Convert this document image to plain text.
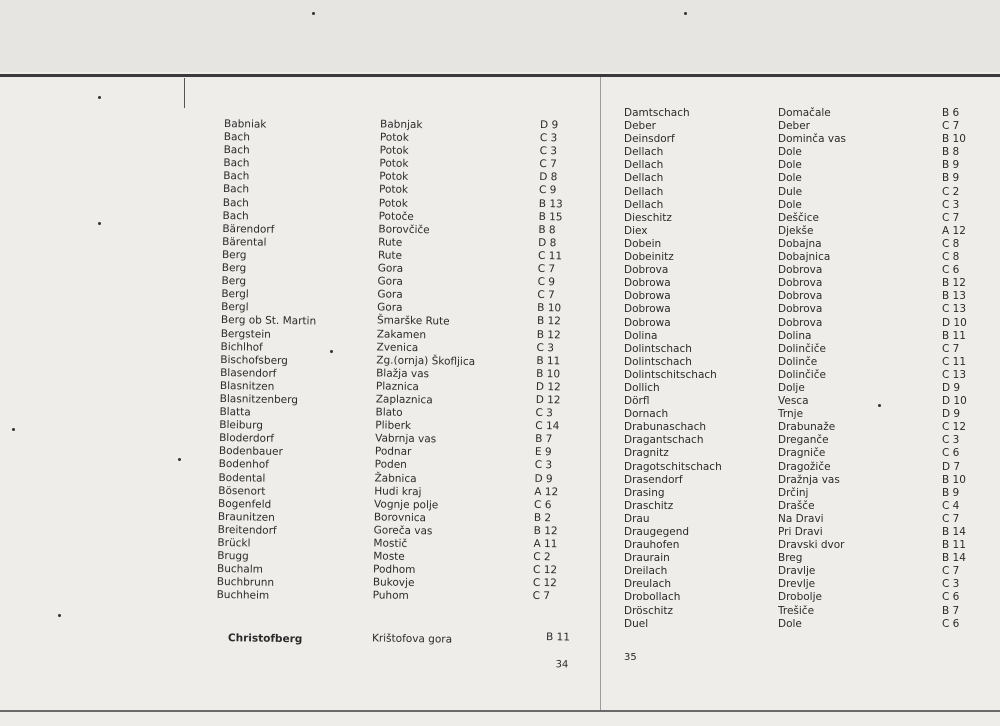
Babniak
Bach
Bach
Bach
Bach
Bach
Bach
Bach
Bärendorf
Bärental
Berg
Berg
Berg
Bergl
Bergl
Berg ob St. Martin
Bergstein
Bichlhof
Bischofsberg
Blasendorf
Blasnitzen
Blasnitzenberg
Blatta
Bleiburg
Bloderdorf
Bodenbauer
Bodenhof
Bodental
Bösenort
Bogenfeld
Braunitzen
Breitendorf
Brückl
Brugg
Buchalm
Buchbrunn
Buchheim
Babnjak
Potok
Potok
Potok
Potok
Potok
Potok
Potoče
Borovčiče
Rute
Rute
Gora
Gora
Gora
Gora
Šmarške Rute
Zakamen
Zvenica
Zg.(ornja) Škofljica
Blažja vas
Plaznica
Zaplaznica
Blato
Pliberk
Vabrnja vas
Podnar
Poden
Žabnica
Hudi kraj
Vognje polje
Borovnica
Goreča vas
Mostič
Moste
Podhom
Bukovje
Puhom
D 9
C 3
C 3
C 7
D 8
C 9
B 13
B 15
B 8
D 8
C 11
C 7
C 9
C 7
B 10
B 12
B 12
C 3
B 11
B 10
D 12
D 12
C 3
C 14
B 7
E 9
C 3
D 9
A 12
C 6
B 2
B 12
A 11
C 2
C 12
C 12
C 7
Christofberg	Krištofova gora	B 11
34
Damtschach
Deber
Deinsdorf
Dellach
Dellach
Dellach
Dellach
Dellach
Dieschitz
Diex
Dobein
Dobeinitz
Dobrova
Dobrowa
Dobrowa
Dobrowa
Dobrowa
Dolina
Dolintschach
Dolintschach
Dolintschitschach
Dollich
Dörfl
Dornach
Drabunaschach
Dragantschach
Dragnitz
Dragotschitschach
Drasendorf
Drasing
Draschitz
Drau
Draugegend
Drauhofen
Draurain
Dreilach
Dreulach
Drobollach
Dröschitz
Duel
Domačale
Deber
Dominča vas
Dole
Dole
Dole
Dule
Dole
Deščice
Djekše
Dobajna
Dobajnica
Dobrova
Dobrova
Dobrova
Dobrova
Dobrova
Dolina
Dolinčiče
Dolinče
Dolinčiče
Dolje
Vesca
Trnje
Drabunaže
Dreganče
Dragniče
Dragožiče
Dražnja vas
Drčinj
Drašče
Na Dravi
Pri Dravi
Dravski dvor
Breg
Dravlje
Drevlje
Drobolje
Trešiče
Dole
B 6
C 7
B 10
B 8
B 9
B 9
C 2
C 3
C 7
A 12
C 8
C 8
C 6
B 12
B 13
C 13
D 10
B 11
C 7
C 11
C 13
D 9
D 10
D 9
C 12
C 3
C 6
D 7
B 10
B 9
C 4
C 7
B 14
B 11
B 14
C 7
C 3
C 6
B 7
C 6
35
